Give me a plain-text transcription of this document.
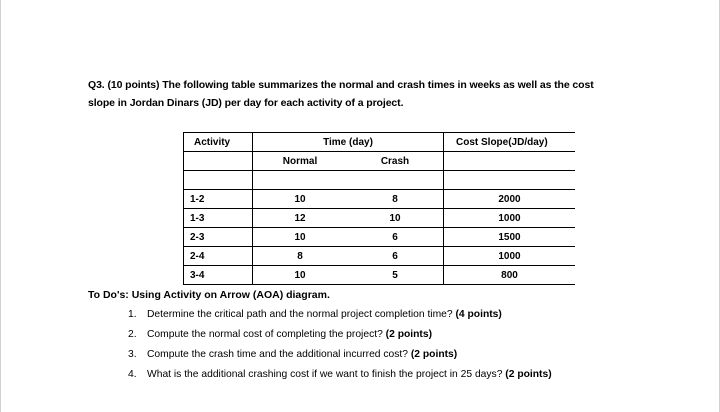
Q3. (10 points) The following table summarizes the normal and crash times in weeks as well as the cost
slope in Jordan Dinars (JD) per day for each activity of a project.
Activity	Time (day)		Cost Slope(JD/day)
	Normal	Crash	

1-2	10	8	2000
1-3	12	10	1000
2-3	10	6	1500
2-4	8	6	1000
3-4	10	5	800
To Do's: Using Activity on Arrow (AOA) diagram.
1. Determine the critical path and the normal project completion time? (4 points)
2. Compute the normal cost of completing the project? (2 points)
3. Compute the crash time and the additional incurred cost? (2 points)
4. What is the additional crashing cost if we want to finish the project in 25 days? (2 points)
